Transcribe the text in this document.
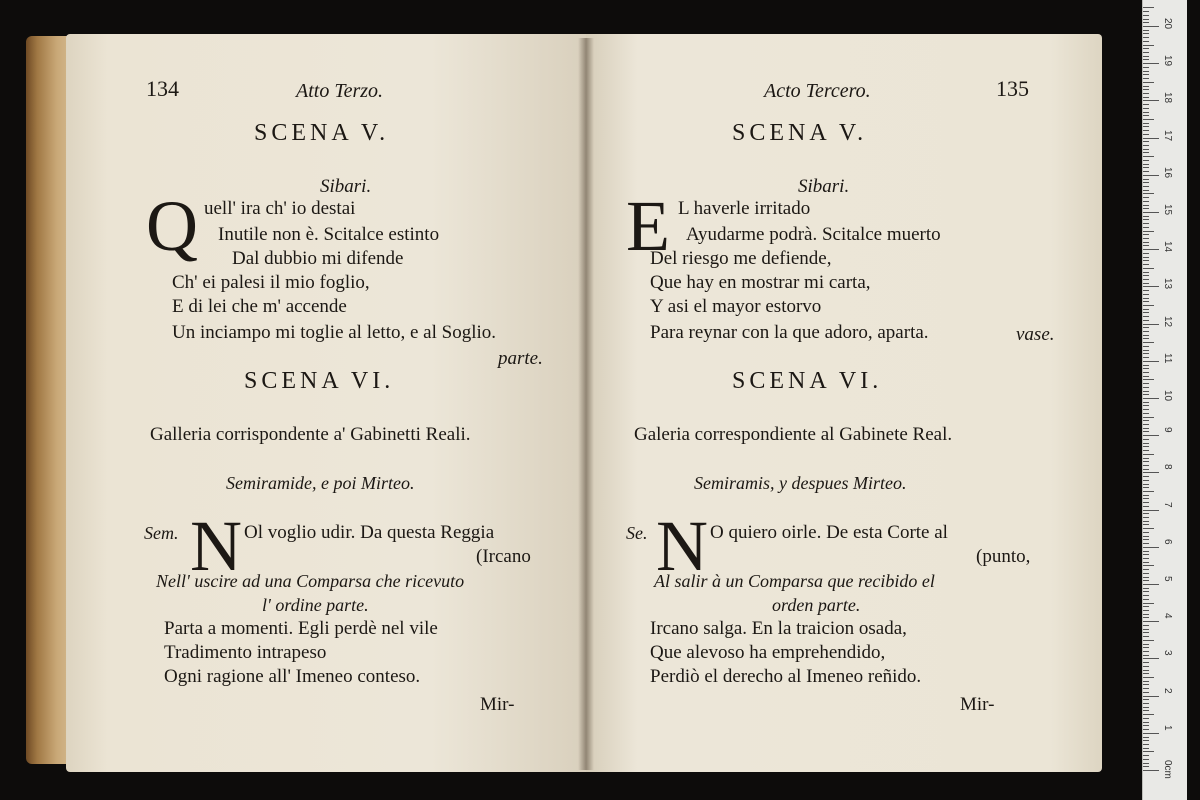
134	Atto Terzo.
SCENA V.
Sibari.
Q uell' ira ch' io destai
Inutile non è. Scitalce estinto
Dal dubbio mi difende
Ch' ei palesi il mio foglio,
E di lei che m' accende
Un inciampo mi toglie al letto, e al Soglio.
parte.
SCENA VI.
Galleria corrispondente a' Gabinetti Reali.
Semiramide, e poi Mirteo.
Sem. N Ol voglio udir. Da questa Reggia
(Ircano
Nell' uscire ad una Comparsa che ricevuto
l' ordine parte.
Parta a momenti. Egli perdè nel vile
Tradimento intrapeso
Ogni ragione all' Imeneo conteso.
Mir-
Acto Tercero.	135
SCENA V.
Sibari.
E L haverle irritado
Ayudarme podrà. Scitalce muerto
Del riesgo me defiende,
Que hay en mostrar mi carta,
Y asi el mayor estorvo
Para reynar con la que adoro, aparta.	vase.
SCENA VI.
Galeria correspondiente al Gabinete Real.
Semiramis, y despues Mirteo.
Se. N O quiero oirle. De esta Corte al
(punto,
Al salir à un Comparsa que recibido el
orden parte.
Ircano salga. En la traicion osada,
Que alevoso ha emprehendido,
Perdiò el derecho al Imeneo reñido.
Mir-
0cm
1
2
3
4
5
6
7
8
9
10
11
12
13
14
15
16
17
18
19
20
